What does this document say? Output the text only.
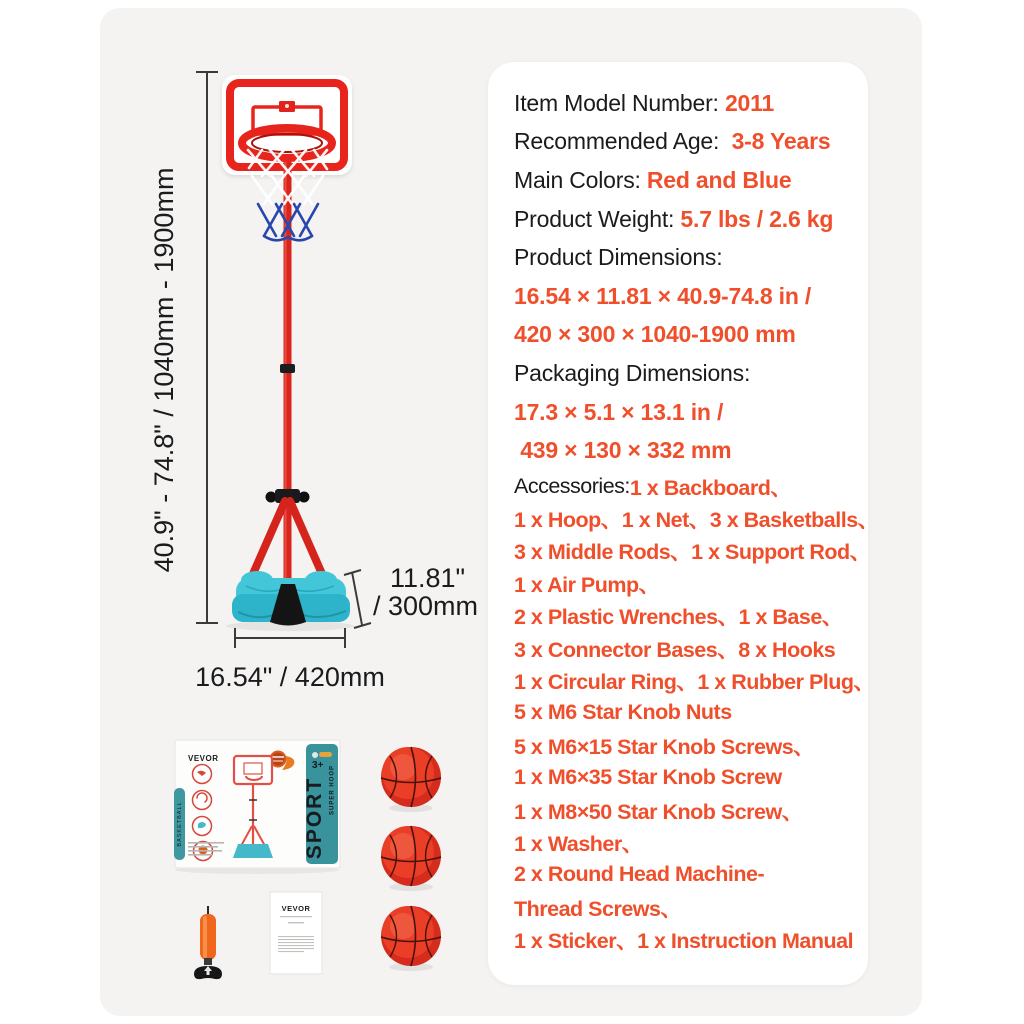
40.9" - 74.8" / 1040mm - 1900mm
11.81"
/ 300mm
16.54" / 420mm
BASKETBALL
VEVOR
3+
SPORT SUPER HOOP
VEVOR
Item Model Number: 2011
Recommended Age: 3-8 Years
Main Colors: Red and Blue
Product Weight: 5.7 lbs / 2.6 kg
Product Dimensions:
16.54 × 11.81 × 40.9-74.8 in /
420 × 300 × 1040-1900 mm
Packaging Dimensions:
17.3 × 5.1 × 13.1 in /
439 × 130 × 332 mm
Accessories: 1 x Backboard、
1 x Hoop、1 x Net、3 x Basketballs、
3 x Middle Rods、1 x Support Rod、
1 x Air Pump、
2 x Plastic Wrenches、1 x Base、
3 x Connector Bases、8 x Hooks
1 x Circular Ring、1 x Rubber Plug、
5 x M6 Star Knob Nuts
5 x M6×15 Star Knob Screws、
1 x M6×35 Star Knob Screw
1 x M8×50 Star Knob Screw、
1 x Washer、
2 x Round Head Machine-
Thread Screws、
1 x Sticker、1 x Instruction Manual
